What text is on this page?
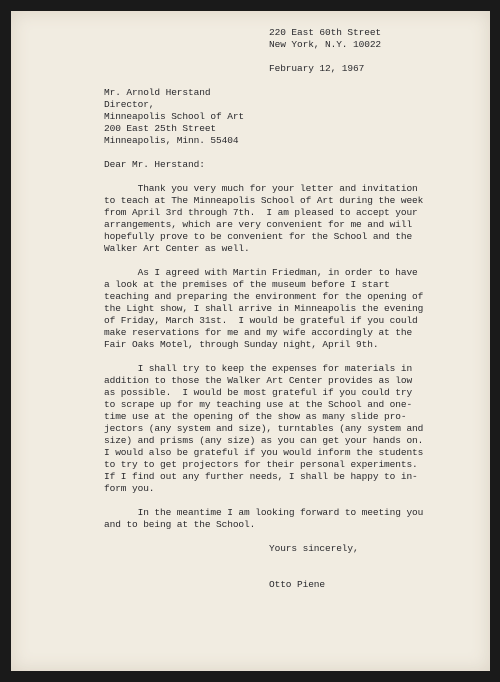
220 East 60th Street
New York, N.Y. 10022
February 12, 1967
Mr. Arnold Herstand
Director,
Minneapolis School of Art
200 East 25th Street
Minneapolis, Minn. 55404
Dear Mr. Herstand:
Thank you very much for your letter and invitation
to teach at The Minneapolis School of Art during the week
from April 3rd through 7th.  I am pleased to accept your
arrangements, which are very convenient for me and will
hopefully prove to be convenient for the School and the
Walker Art Center as well.
As I agreed with Martin Friedman, in order to have
a look at the premises of the museum before I start
teaching and preparing the environment for the opening of
the Light show, I shall arrive in Minneapolis the evening
of Friday, March 31st.  I would be grateful if you could
make reservations for me and my wife accordingly at the
Fair Oaks Motel, through Sunday night, April 9th.
I shall try to keep the expenses for materials in
addition to those the Walker Art Center provides as low
as possible.  I would be most grateful if you could try
to scrape up for my teaching use at the School and one-
time use at the opening of the show as many slide pro-
jectors (any system and size), turntables (any system and
size) and prisms (any size) as you can get your hands on.
I would also be grateful if you would inform the students
to try to get projectors for their personal experiments.
If I find out any further needs, I shall be happy to in-
form you.
In the meantime I am looking forward to meeting you
and to being at the School.
Yours sincerely,
Otto Piene
